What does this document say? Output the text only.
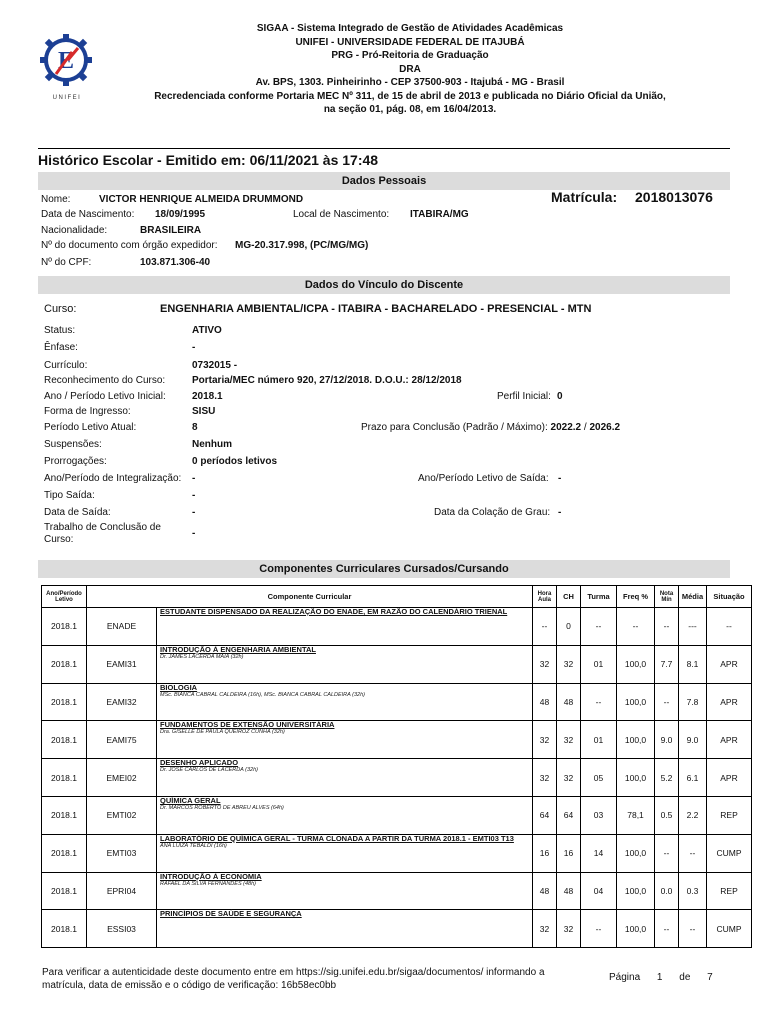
E
UNIFEI
SIGAA - Sistema Integrado de Gestão de Atividades Acadêmicas
UNIFEI - UNIVERSIDADE FEDERAL DE ITAJUBÁ
PRG - Pró-Reitoria de Graduação
DRA
Av. BPS, 1303. Pinheirinho - CEP 37500-903 - Itajubá - MG - Brasil
Recredenciada conforme Portaria MEC Nº 311, de 15 de abril de 2013 e publicada no Diário Oficial da União,
na seção 01, pág. 08, em 16/04/2013.
Histórico Escolar - Emitido em: 06/11/2021 às 17:48
Dados Pessoais
Nome:	VICTOR HENRIQUE ALMEIDA DRUMMOND	Matrícula: 2018013076
Data de Nascimento: 18/09/1995	Local de Nascimento: ITABIRA/MG
Nacionalidade:	BRASILEIRA
Nº do documento com órgão expedidor: MG-20.317.998, (PC/MG/MG)
Nº do CPF:	103.871.306-40
Dados do Vínculo do Discente
Curso:	ENGENHARIA AMBIENTAL/ICPA - ITABIRA - BACHARELADO - PRESENCIAL - MTN
Status:	ATIVO
Ênfase:	-
Currículo:	0732015 -
Reconhecimento do Curso:	Portaria/MEC número 920, 27/12/2018. D.O.U.: 28/12/2018
Ano / Período Letivo Inicial:	2018.1	Perfil Inicial: 0
Forma de Ingresso:	SISU
Período Letivo Atual:	8	Prazo para Conclusão (Padrão / Máximo): 2022.2 / 2026.2
Suspensões:	Nenhum
Prorrogações:	0 períodos letivos
Ano/Período de Integralização: -	Ano/Período Letivo de Saída: -
Tipo Saída:	-
Data de Saída:	-	Data da Colação de Grau: -
Trabalho de Conclusão de
Curso:
-
Componentes Curriculares Cursados/Cursando
Ano/Período Letivo	Componente Curricular		Hora Aula	CH	Turma	Freq %	Nota Mín	Média	Situação
2018.1	ENADE	ESTUDANTE DISPENSADO DA REALIZAÇÃO DO ENADE, EM RAZÃO DO CALENDÁRIO TRIENAL	--	0	--	--	--	---	--
2018.1	EAMI31	INTRODUÇÃO À ENGENHARIA AMBIENTAL
Dr. JAMES LACERDA MAIA (32h)	32	32	01	100,0	7.7	8.1	APR
2018.1	EAMI32	BIOLOGIA
MSc. BIANCA CABRAL CALDEIRA (16h), MSc. BIANCA CABRAL CALDEIRA (32h)	48	48	--	100,0	--	7.8	APR
2018.1	EAMI75	FUNDAMENTOS DE EXTENSÃO UNIVERSITÁRIA
Dra. GISELLE DE PAULA QUEIROZ CUNHA (32h)	32	32	01	100,0	9.0	9.0	APR
2018.1	EMEI02	DESENHO APLICADO
Dr. JOSE CARLOS DE LACERDA (32h)	32	32	05	100,0	5.2	6.1	APR
2018.1	EMTI02	QUÍMICA GERAL
Dr. MARCOS ROBERTO DE ABREU ALVES (64h)	64	64	03	78,1	0.5	2.2	REP
2018.1	EMTI03	LABORATÓRIO DE QUÍMICA GERAL - TURMA CLONADA A PARTIR DA TURMA 2018.1 - EMTI03 T13
ANA LUIZA TEBALDI (16h)	16	16	14	100,0	--	--	CUMP
2018.1	EPRI04	INTRODUÇÃO À ECONOMIA
RAFAEL DA SILVA FERNANDES (48h)	48	48	04	100,0	0.0	0.3	REP
2018.1	ESSI03	PRINCÍPIOS DE SAÚDE E SEGURANÇA	32	32	--	100,0	--	--	CUMP
Para verificar a autenticidade deste documento entre em https://sig.unifei.edu.br/sigaa/documentos/ informando a
matrícula, data de emissão e o código de verificação: 16b58ec0bb
Página 1 de 7
